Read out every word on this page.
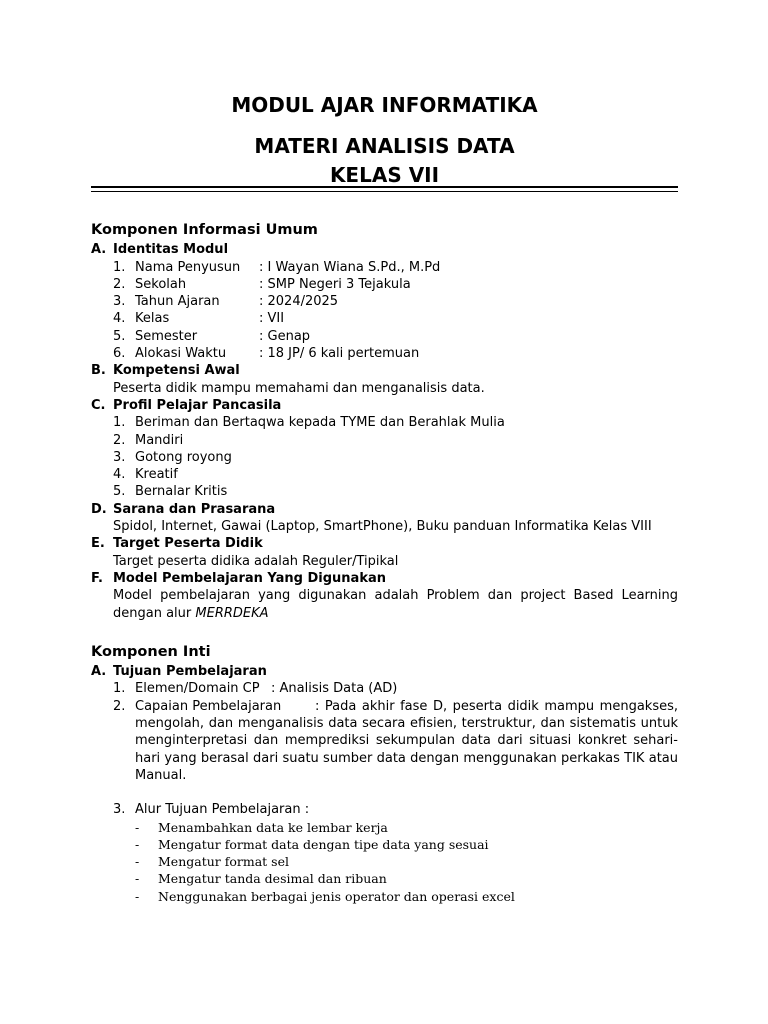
MODUL AJAR INFORMATIKA
MATERI ANALISIS DATA
KELAS VII
Komponen Informasi Umum
A. Identitas Modul
1. Nama Penyusun	: I Wayan Wiana S.Pd., M.Pd
2. Sekolah	: SMP Negeri 3 Tejakula
3. Tahun Ajaran	: 2024/2025
4. Kelas	: VII
5. Semester	: Genap
6. Alokasi Waktu	: 18 JP/ 6 kali pertemuan
B. Kompetensi Awal
Peserta didik mampu memahami dan menganalisis data.
C. Profil Pelajar Pancasila
1. Beriman dan Bertaqwa kepada TYME dan Berahlak Mulia
2. Mandiri
3. Gotong royong
4. Kreatif
5. Bernalar Kritis
D. Sarana dan Prasarana
Spidol, Internet, Gawai (Laptop, SmartPhone), Buku panduan Informatika Kelas VIII
E. Target Peserta Didik
Target peserta didika adalah Reguler/Tipikal
F. Model Pembelajaran Yang Digunakan
Model pembelajaran yang digunakan adalah Problem dan project Based Learning dengan alur MERRDEKA
Komponen Inti
A. Tujuan Pembelajaran
1. Elemen/Domain CP : Analisis Data (AD)
2. Capaian Pembelajaran	: Pada akhir fase D, peserta didik mampu mengakses, mengolah, dan menganalisis data secara efisien, terstruktur, dan sistematis untuk menginterpretasi dan memprediksi sekumpulan data dari situasi konkret sehari-hari yang berasal dari suatu sumber data dengan menggunakan perkakas TIK atau Manual.
3. Alur Tujuan Pembelajaran :
-	Menambahkan data ke lembar kerja
-	Mengatur format data dengan tipe data yang sesuai
-	Mengatur format sel
-	Mengatur tanda desimal dan ribuan
-	Nenggunakan berbagai jenis operator dan operasi excel
